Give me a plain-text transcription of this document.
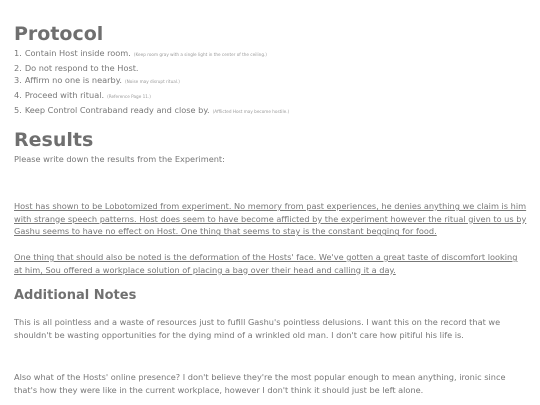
Protocol
1. Contain Host inside room. (Keep room gray with a single light in the center of the ceiling.)
2. Do not respond to the Host.
3. Affirm no one is nearby. (Noise may disrupt ritual.)
4. Proceed with ritual. (Reference Page 11.)
5. Keep Control Contraband ready and close by. (Afflicted Host may become hostile.)
Results
Please write down the results from the Experiment:

Host has shown to be Lobotomized from experiment. No memory from past experiences, he denies anything we claim is him with strange speech patterns. Host does seem to have become afflicted by the experiment however the ritual given to us by Gashu seems to have no effect on Host. One thing that seems to stay is the constant begging for food.

One thing that should also be noted is the deformation of the Hosts' face. We've gotten a great taste of discomfort looking at him, Sou offered a workplace solution of placing a bag over their head and calling it a day.

Additional Notes

This is all pointless and a waste of resources just to fufill Gashu's pointless delusions. I want this on the record that we shouldn't be wasting opportunities for the dying mind of a wrinkled old man. I don't care how pitiful his life is.

Also what of the Hosts' online presence? I don't believe they're the most popular enough to mean anything, ironic since that's how they were like in the current workplace, however I don't think it should just be left alone.
